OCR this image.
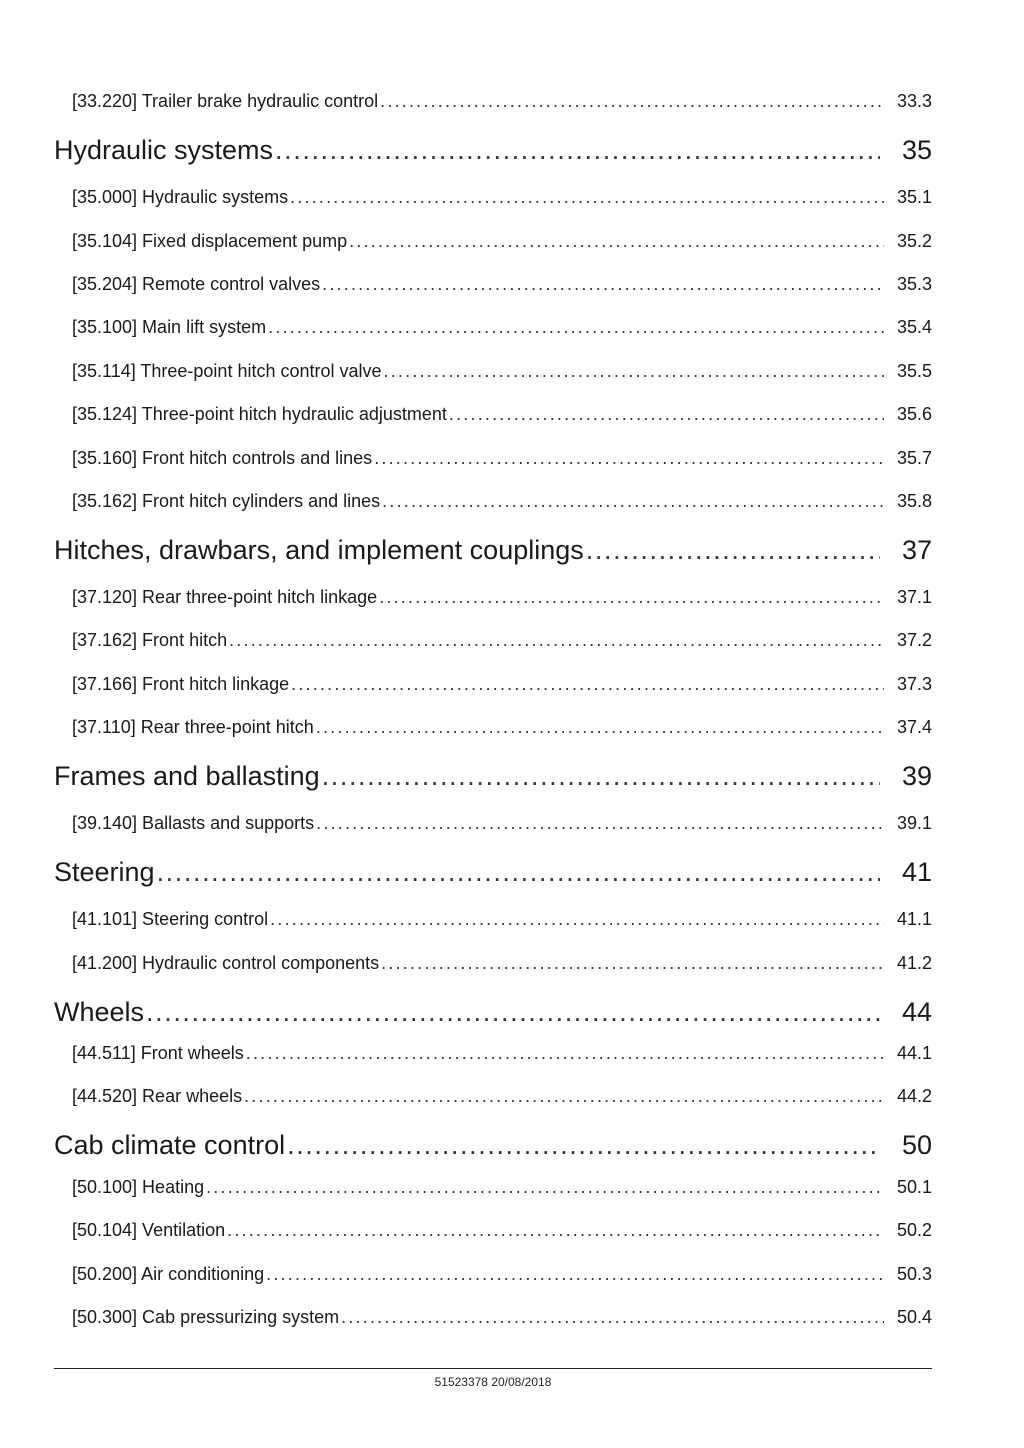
[33.220] Trailer brake hydraulic control .....	33.3
Hydraulic systems .....	35
[35.000] Hydraulic systems .....	35.1
[35.104] Fixed displacement pump .....	35.2
[35.204] Remote control valves .....	35.3
[35.100] Main lift system .....	35.4
[35.114] Three-point hitch control valve .....	35.5
[35.124] Three-point hitch hydraulic adjustment .....	35.6
[35.160] Front hitch controls and lines .....	35.7
[35.162] Front hitch cylinders and lines .....	35.8
Hitches, drawbars, and implement couplings .....	37
[37.120] Rear three-point hitch linkage .....	37.1
[37.162] Front hitch .....	37.2
[37.166] Front hitch linkage .....	37.3
[37.110] Rear three-point hitch .....	37.4
Frames and ballasting .....	39
[39.140] Ballasts and supports .....	39.1
Steering .....	41
[41.101] Steering control .....	41.1
[41.200] Hydraulic control components .....	41.2
Wheels .....	44
[44.511] Front wheels .....	44.1
[44.520] Rear wheels .....	44.2
Cab climate control .....	50
[50.100] Heating .....	50.1
[50.104] Ventilation .....	50.2
[50.200] Air conditioning .....	50.3
[50.300] Cab pressurizing system .....	50.4
51523378 20/08/2018
